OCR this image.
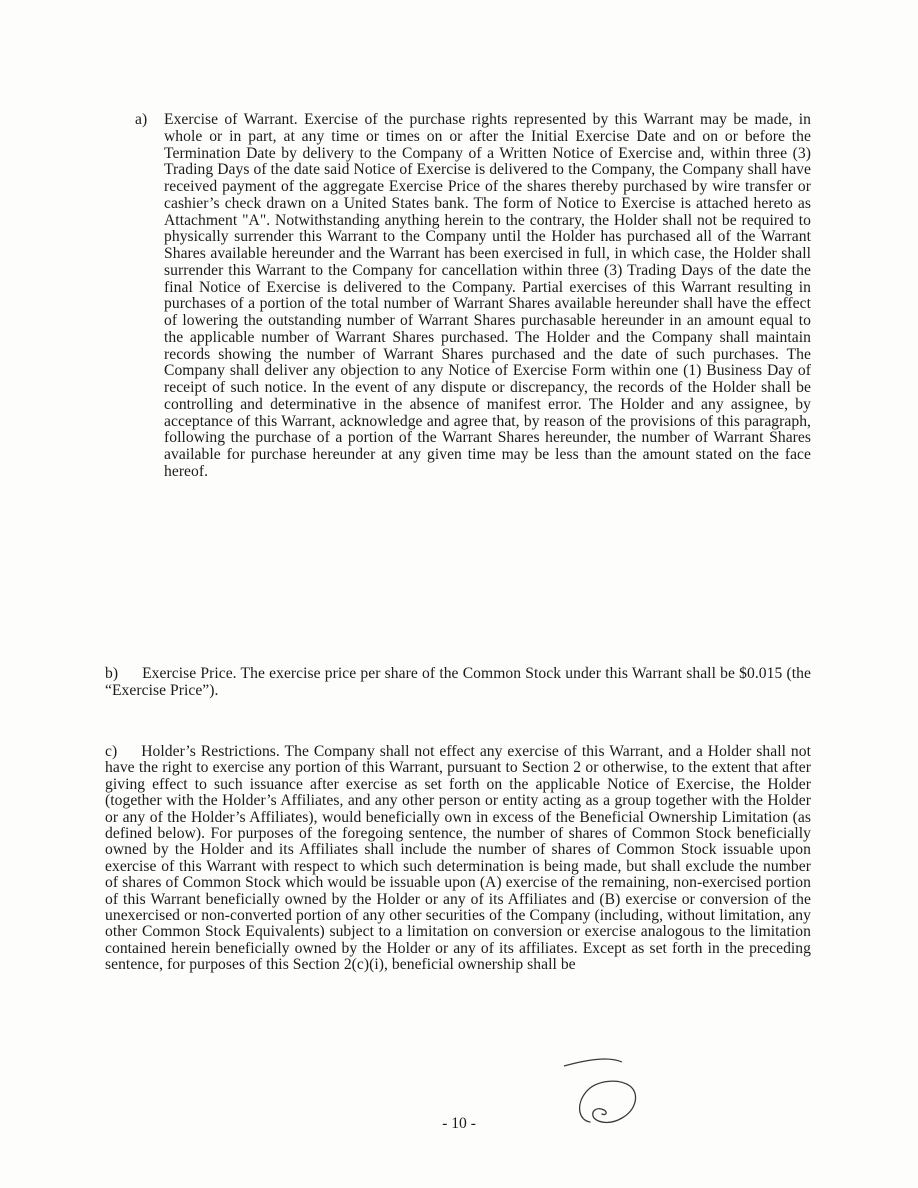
a) Exercise of Warrant. Exercise of the purchase rights represented by this Warrant may be made, in whole or in part, at any time or times on or after the Initial Exercise Date and on or before the Termination Date by delivery to the Company of a Written Notice of Exercise and, within three (3) Trading Days of the date said Notice of Exercise is delivered to the Company, the Company shall have received payment of the aggregate Exercise Price of the shares thereby purchased by wire transfer or cashier’s check drawn on a United States bank. The form of Notice to Exercise is attached hereto as Attachment "A". Notwithstanding anything herein to the contrary, the Holder shall not be required to physically surrender this Warrant to the Company until the Holder has purchased all of the Warrant Shares available hereunder and the Warrant has been exercised in full, in which case, the Holder shall surrender this Warrant to the Company for cancellation within three (3) Trading Days of the date the final Notice of Exercise is delivered to the Company. Partial exercises of this Warrant resulting in purchases of a portion of the total number of Warrant Shares available hereunder shall have the effect of lowering the outstanding number of Warrant Shares purchasable hereunder in an amount equal to the applicable number of Warrant Shares purchased. The Holder and the Company shall maintain records showing the number of Warrant Shares purchased and the date of such purchases. The Company shall deliver any objection to any Notice of Exercise Form within one (1) Business Day of receipt of such notice. In the event of any dispute or discrepancy, the records of the Holder shall be controlling and determinative in the absence of manifest error. The Holder and any assignee, by acceptance of this Warrant, acknowledge and agree that, by reason of the provisions of this paragraph, following the purchase of a portion of the Warrant Shares hereunder, the number of Warrant Shares available for purchase hereunder at any given time may be less than the amount stated on the face hereof.
b) Exercise Price. The exercise price per share of the Common Stock under this Warrant shall be $0.015 (the “Exercise Price”).
c) Holder’s Restrictions. The Company shall not effect any exercise of this Warrant, and a Holder shall not have the right to exercise any portion of this Warrant, pursuant to Section 2 or otherwise, to the extent that after giving effect to such issuance after exercise as set forth on the applicable Notice of Exercise, the Holder (together with the Holder’s Affiliates, and any other person or entity acting as a group together with the Holder or any of the Holder’s Affiliates), would beneficially own in excess of the Beneficial Ownership Limitation (as defined below). For purposes of the foregoing sentence, the number of shares of Common Stock beneficially owned by the Holder and its Affiliates shall include the number of shares of Common Stock issuable upon exercise of this Warrant with respect to which such determination is being made, but shall exclude the number of shares of Common Stock which would be issuable upon (A) exercise of the remaining, non-exercised portion of this Warrant beneficially owned by the Holder or any of its Affiliates and (B) exercise or conversion of the unexercised or non-converted portion of any other securities of the Company (including, without limitation, any other Common Stock Equivalents) subject to a limitation on conversion or exercise analogous to the limitation contained herein beneficially owned by the Holder or any of its affiliates. Except as set forth in the preceding sentence, for purposes of this Section 2(c)(i), beneficial ownership shall be
- 10 -
